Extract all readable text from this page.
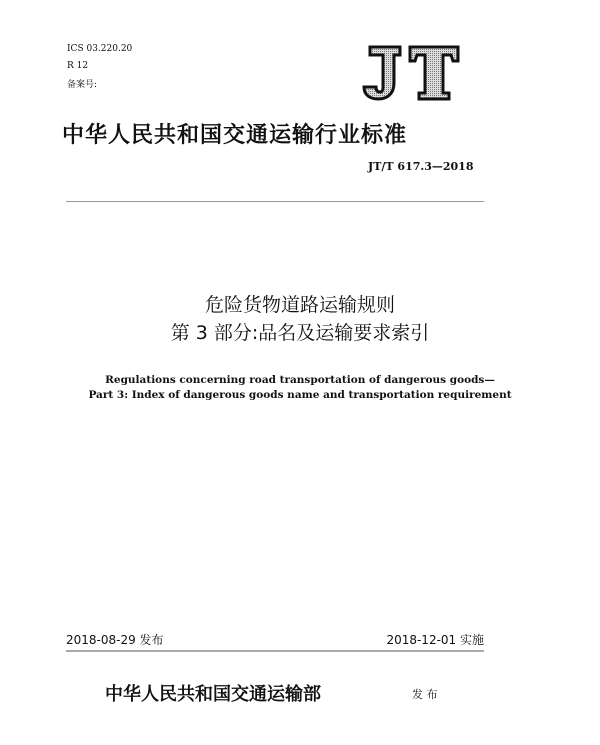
ICS 03.220.20
R 12
备案号:
中华人民共和国交通运输行业标准
JT/T 617.3—2018
危险货物道路运输规则
第 3 部分:品名及运输要求索引
Regulations concerning road transportation of dangerous goods—
Part 3: Index of dangerous goods name and transportation requirement
2018-08-29 发布	2018-12-01 实施
中华人民共和国交通运输部	发 布
